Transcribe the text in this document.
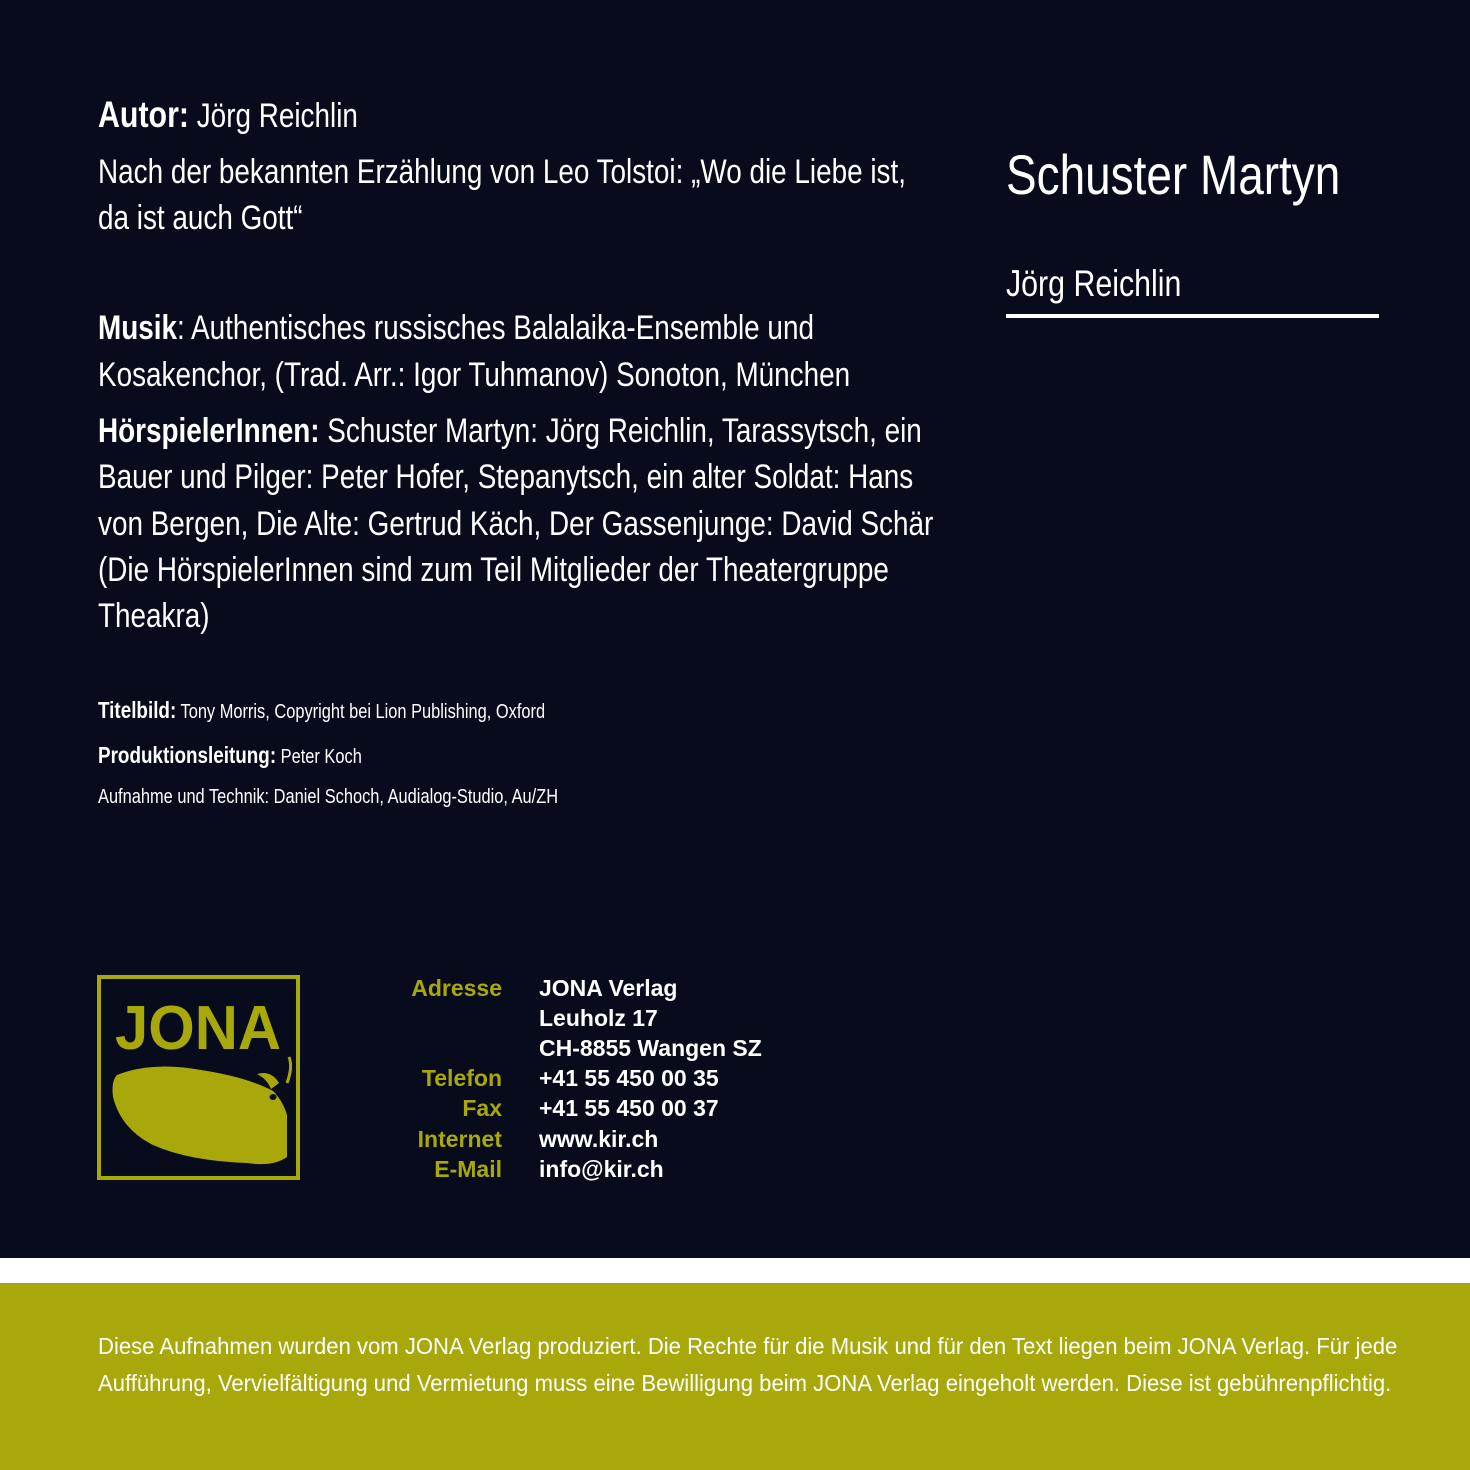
Autor: Jörg Reichlin
Nach der bekannten Erzählung von Leo Tolstoi: „Wo die Liebe ist,
da ist auch Gott“
Musik: Authentisches russisches Balalaika-Ensemble und
Kosakenchor, (Trad. Arr.: Igor Tuhmanov) Sonoton, München
HörspielerInnen: Schuster Martyn: Jörg Reichlin, Tarassytsch, ein
Bauer und Pilger: Peter Hofer, Stepanytsch, ein alter Soldat: Hans
von Bergen, Die Alte: Gertrud Käch, Der Gassenjunge: David Schär
(Die HörspielerInnen sind zum Teil Mitglieder der Theatergruppe
Theakra)
Titelbild: Tony Morris, Copyright bei Lion Publishing, Oxford
Produktionsleitung: Peter Koch
Aufnahme und Technik: Daniel Schoch, Audialog-Studio, Au/ZH
Schuster Martyn
Jörg Reichlin
JONA
Adresse JONA Verlag
Leuholz 17
CH-8855 Wangen SZ
Telefon +41 55 450 00 35
Fax +41 55 450 00 37
Internet www.kir.ch
E-Mail info@kir.ch
Diese Aufnahmen wurden vom JONA Verlag produziert. Die Rechte für die Musik und für den Text liegen beim JONA Verlag. Für jede
Aufführung, Vervielfältigung und Vermietung muss eine Bewilligung beim JONA Verlag eingeholt werden. Diese ist gebührenpflichtig.
